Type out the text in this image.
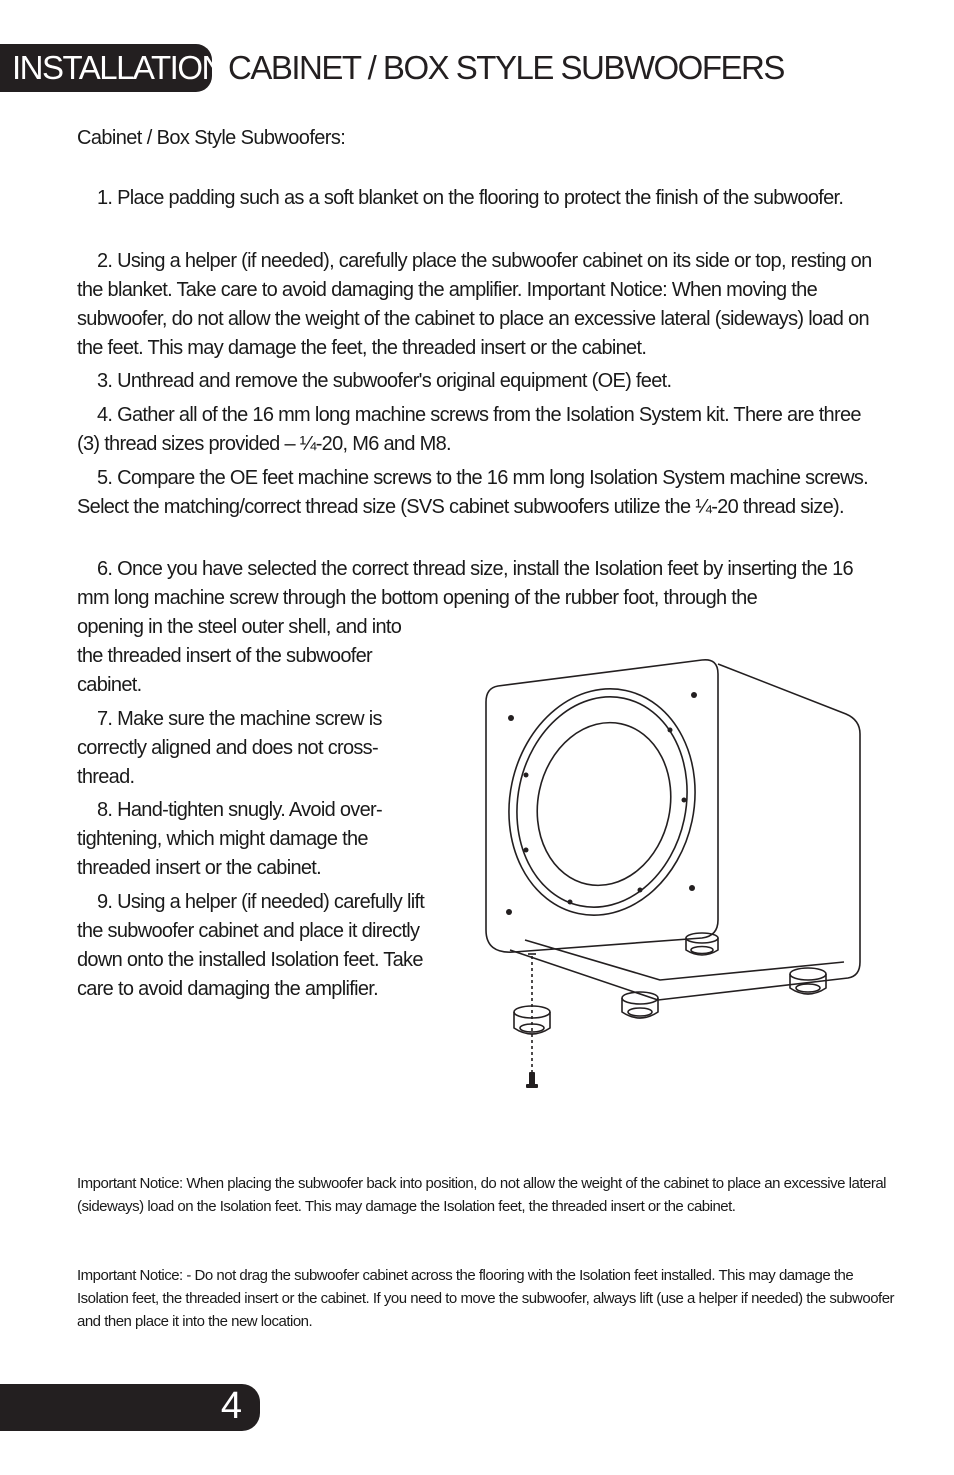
INSTALLATION CABINET / BOX STYLE SUBWOOFERS
Cabinet / Box Style Subwoofers:

1. Place padding such as a soft blanket on the flooring to protect the finish of the subwoofer.

2. Using a helper (if needed), carefully place the subwoofer cabinet on its side or top, resting on the blanket. Take care to avoid damaging the amplifier. Important Notice: When moving the subwoofer, do not allow the weight of the cabinet to place an excessive lateral (sideways) load on the feet. This may damage the feet, the threaded insert or the cabinet.

3. Unthread and remove the subwoofer's original equipment (OE) feet.

4. Gather all of the 16 mm long machine screws from the Isolation System kit. There are three (3) thread sizes provided – ¼-20, M6 and M8.

5. Compare the OE feet machine screws to the 16 mm long Isolation System machine screws. Select the matching/correct thread size (SVS cabinet subwoofers utilize the ¼-20 thread size).

6. Once you have selected the correct thread size, install the Isolation feet by inserting the 16 mm long machine screw through the bottom opening of the rubber foot, through the

opening in the steel outer shell, and into the threaded insert of the subwoofer cabinet.

7. Make sure the machine screw is correctly aligned and does not cross-thread.

8. Hand-tighten snugly. Avoid over-tightening, which might damage the threaded insert or the cabinet.

9. Using a helper (if needed) carefully lift the subwoofer cabinet and place it directly down onto the installed Isolation feet. Take care to avoid damaging the amplifier.

Important Notice: When placing the subwoofer back into position, do not allow the weight of the cabinet to place an excessive lateral (sideways) load on the Isolation feet. This may damage the Isolation feet, the threaded insert or the cabinet.

Important Notice: - Do not drag the subwoofer cabinet across the flooring with the Isolation feet installed. This may damage the Isolation feet, the threaded insert or the cabinet. If you need to move the subwoofer, always lift (use a helper if needed) the subwoofer and then place it into the new location.

4
